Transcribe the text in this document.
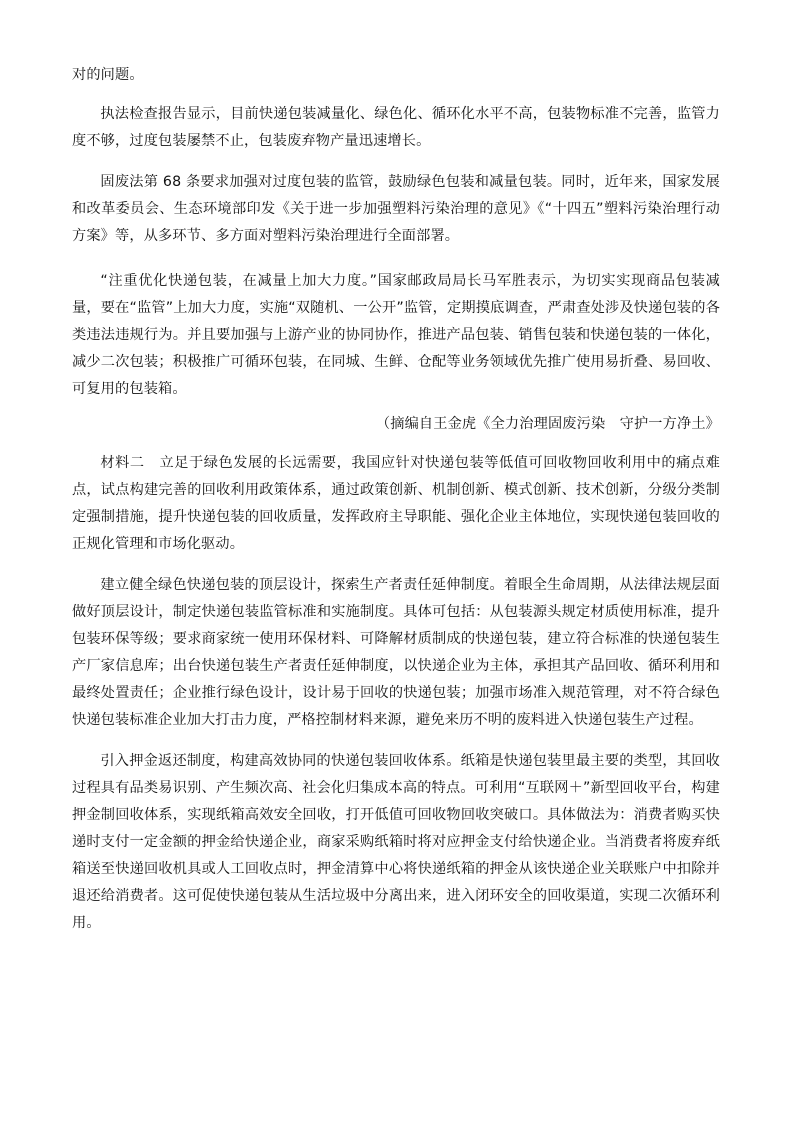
对的问题。

执法检查报告显示，目前快递包装减量化、绿色化、循环化水平不高，包装物标准不完善，监管力度不够，过度包装屡禁不止，包装废弃物产量迅速增长。

固废法第 68 条要求加强对过度包装的监管，鼓励绿色包装和减量包装。同时，近年来，国家发展和改革委员会、生态环境部印发《关于进一步加强塑料污染治理的意见》《“十四五”塑料污染治理行动方案》等，从多环节、多方面对塑料污染治理进行全面部署。

“注重优化快递包装，在减量上加大力度。”国家邮政局局长马军胜表示，为切实实现商品包装减量，要在“监管”上加大力度，实施“双随机、一公开”监管，定期摸底调查，严肃查处涉及快递包装的各类违法违规行为。并且要加强与上游产业的协同协作，推进产品包装、销售包装和快递包装的一体化，减少二次包装；积极推广可循环包装，在同城、生鲜、仓配等业务领域优先推广使用易折叠、易回收、可复用的包装箱。

（摘编自王金虎《全力治理固废污染　守护一方净土》

材料二　立足于绿色发展的长远需要，我国应针对快递包装等低值可回收物回收利用中的痛点难点，试点构建完善的回收利用政策体系，通过政策创新、机制创新、模式创新、技术创新，分级分类制定强制措施，提升快递包装的回收质量，发挥政府主导职能、强化企业主体地位，实现快递包装回收的正规化管理和市场化驱动。

建立健全绿色快递包装的顶层设计，探索生产者责任延伸制度。着眼全生命周期，从法律法规层面做好顶层设计，制定快递包装监管标准和实施制度。具体可包括：从包装源头规定材质使用标准，提升包装环保等级；要求商家统一使用环保材料、可降解材质制成的快递包装，建立符合标准的快递包装生产厂家信息库；出台快递包装生产者责任延伸制度，以快递企业为主体，承担其产品回收、循环利用和最终处置责任；企业推行绿色设计，设计易于回收的快递包装；加强市场准入规范管理，对不符合绿色快递包装标准企业加大打击力度，严格控制材料来源，避免来历不明的废料进入快递包装生产过程。

引入押金返还制度，构建高效协同的快递包装回收体系。纸箱是快递包装里最主要的类型，其回收过程具有品类易识别、产生频次高、社会化归集成本高的特点。可利用“互联网＋”新型回收平台，构建押金制回收体系，实现纸箱高效安全回收，打开低值可回收物回收突破口。具体做法为：消费者购买快递时支付一定金额的押金给快递企业，商家采购纸箱时将对应押金支付给快递企业。当消费者将废弃纸箱送至快递回收机具或人工回收点时，押金清算中心将快递纸箱的押金从该快递企业关联账户中扣除并退还给消费者。这可促使快递包装从生活垃圾中分离出来，进入闭环安全的回收渠道，实现二次循环利用。
